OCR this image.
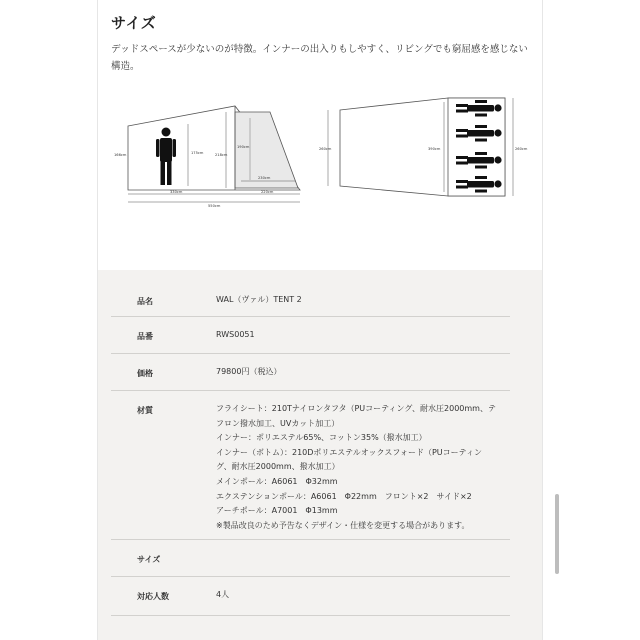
サイズ

デッドスペースが少ないのが特徴。インナーの出入りもしやすく、リビングでも窮屈感を感じない
構造。

166cm	175cm	218cm
190cm
230cm
330cm	220cm
550cm
260cm	390cm	260cm
品名	WAL（ヴァル）TENT 2
品番	RWS0051
価格	79800円（税込）
材質	フライシート：210Tナイロンタフタ（PUコーティング、耐水圧2000mm、テ
フロン撥水加工、UVカット加工）
インナー：ポリエステル65%、コットン35%（撥水加工）
インナー（ボトム）：210Dポリエステルオックスフォード（PUコーティン
グ、耐水圧2000mm、撥水加工）
メインポール：A6061　Φ32mm
エクステンションポール：A6061　Φ22mm　フロント×2　サイド×2
アーチポール：A7001　Φ13mm
※製品改良のため予告なくデザイン・仕様を変更する場合があります。
サイズ
対応人数	4人
